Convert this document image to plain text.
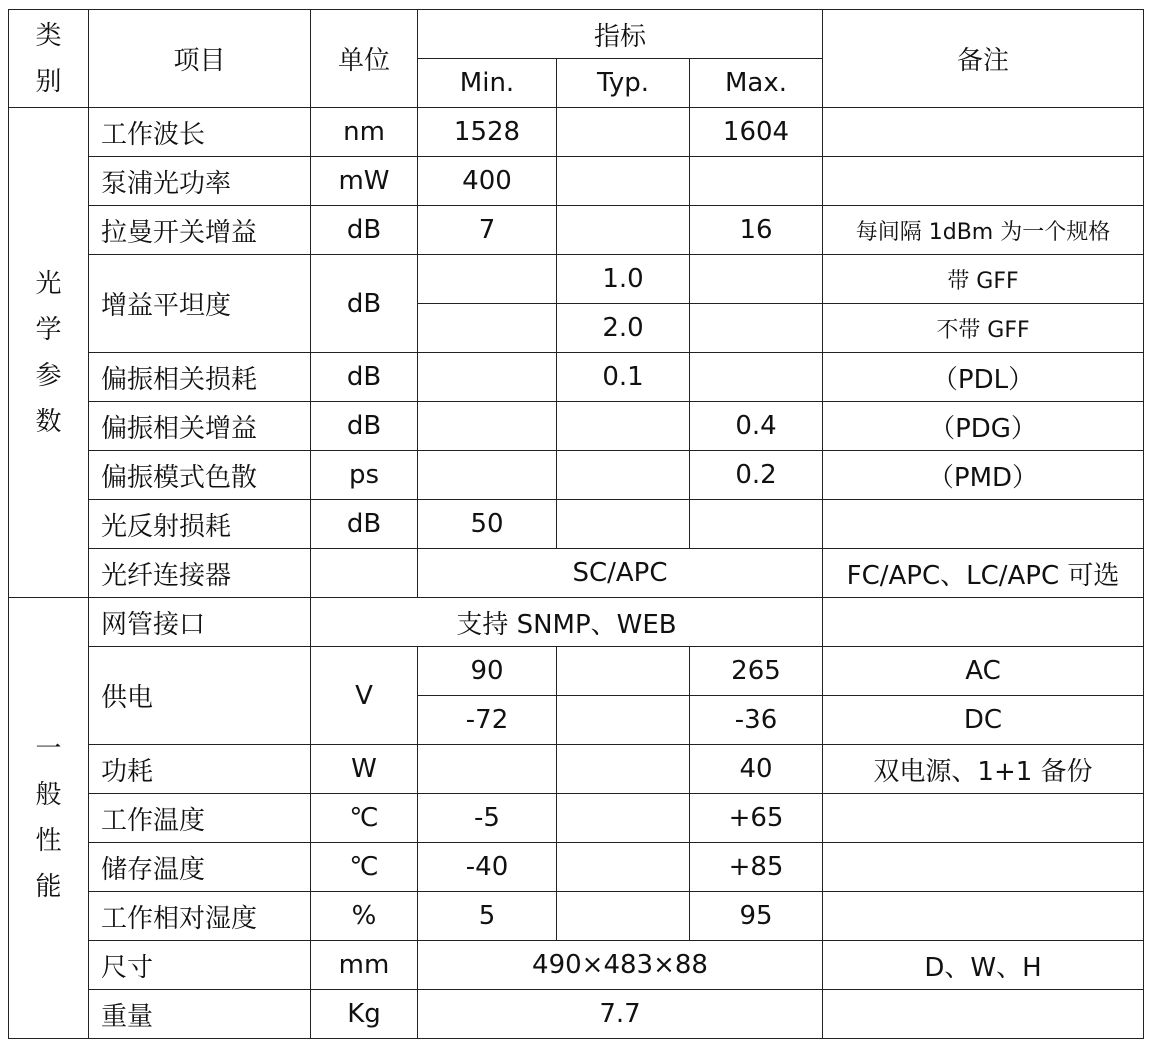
类
别	项目	单位	指标			备注
			Min.	Typ.	Max.	
光
学
参
数	工作波长	nm	1528		1604	
	泵浦光功率	mW	400			
	拉曼开关增益	dB	7		16	每间隔 1dBm 为一个规格
	增益平坦度	dB		1.0		带 GFF
				2.0		不带 GFF
	偏振相关损耗	dB		0.1		（PDL）
	偏振相关增益	dB			0.4	（PDG）
	偏振模式色散	ps			0.2	（PMD）
	光反射损耗	dB	50			
	光纤连接器		SC/APC			FC/APC、LC/APC 可选
一
般
性
能	网管接口	支持 SNMP、WEB				
	供电	V	90		265	AC
			-72		-36	DC
	功耗	W			40	双电源、1+1 备份
	工作温度	℃	-5		+65	
	储存温度	℃	-40		+85	
	工作相对湿度	%	5		95	
	尺寸	mm	490×483×88			D、W、H
	重量	Kg	7.7			
